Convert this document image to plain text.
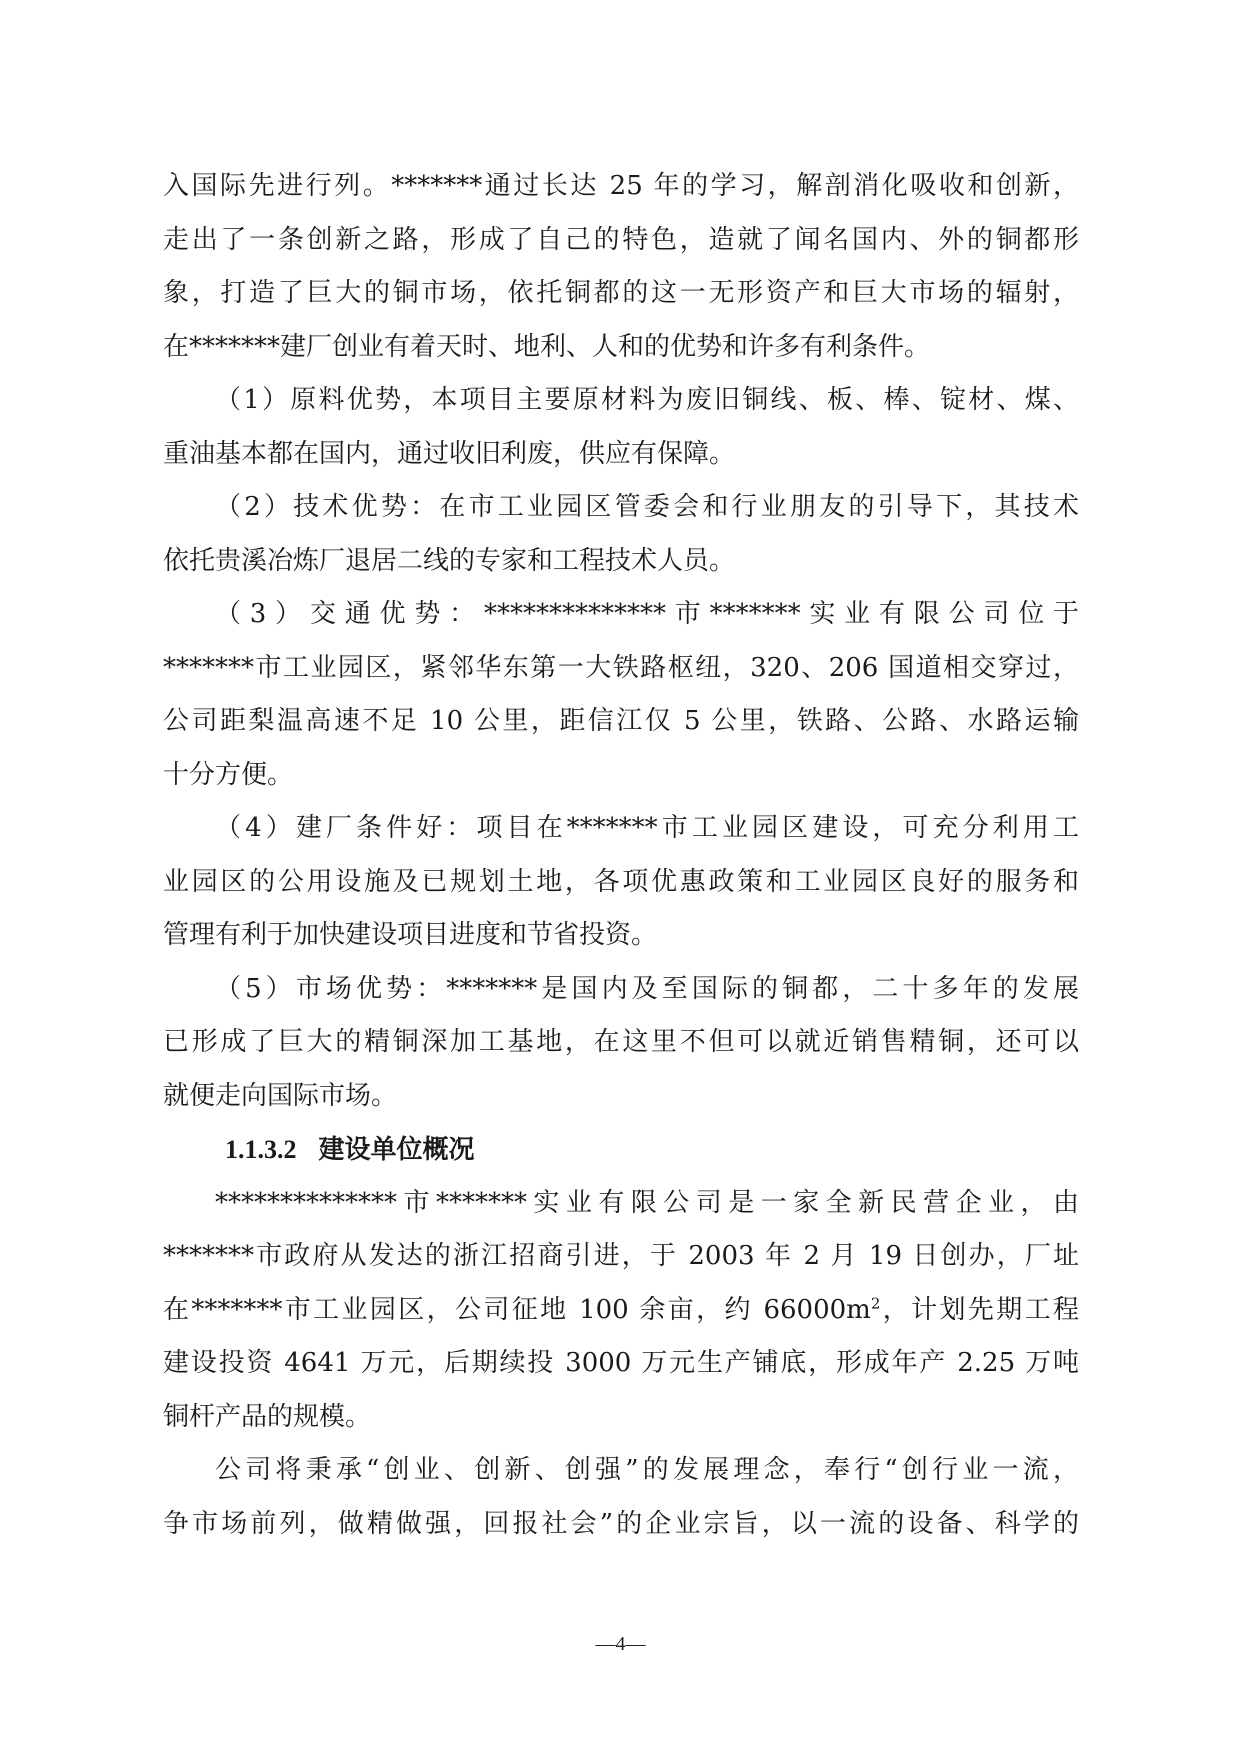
入国际先进行列。*******通过长达 25 年的学习，解剖消化吸收和创新，
走出了一条创新之路，形成了自己的特色，造就了闻名国内、外的铜都形
象，打造了巨大的铜市场，依托铜都的这一无形资产和巨大市场的辐射，
在*******建厂创业有着天时、地利、人和的优势和许多有利条件。
（1）原料优势，本项目主要原材料为废旧铜线、板、棒、锭材、煤、
重油基本都在国内，通过收旧利废，供应有保障。
（2）技术优势：在市工业园区管委会和行业朋友的引导下，其技术
依托贵溪冶炼厂退居二线的专家和工程技术人员。
（3）交通优势：**************市*******实业有限公司位于
*******市工业园区，紧邻华东第一大铁路枢纽，320、206 国道相交穿过，
公司距梨温高速不足 10 公里，距信江仅 5 公里，铁路、公路、水路运输
十分方便。
（4）建厂条件好：项目在*******市工业园区建设，可充分利用工
业园区的公用设施及已规划土地，各项优惠政策和工业园区良好的服务和
管理有利于加快建设项目进度和节省投资。
（5）市场优势：*******是国内及至国际的铜都，二十多年的发展
已形成了巨大的精铜深加工基地，在这里不但可以就近销售精铜，还可以
就便走向国际市场。
1.1.3.2 建设单位概况
**************市*******实业有限公司是一家全新民营企业，由
*******市政府从发达的浙江招商引进，于 2003 年 2 月 19 日创办，厂址
在*******市工业园区，公司征地 100 余亩，约 $66000m^2$，计划先期工程
建设投资 4641 万元，后期续投 3000 万元生产铺底，形成年产 2.25 万吨
铜杆产品的规模。
公司将秉承“创业、创新、创强”的发展理念，奉行“创行业一流，
争市场前列，做精做强，回报社会”的企业宗旨，以一流的设备、科学的
—4—
